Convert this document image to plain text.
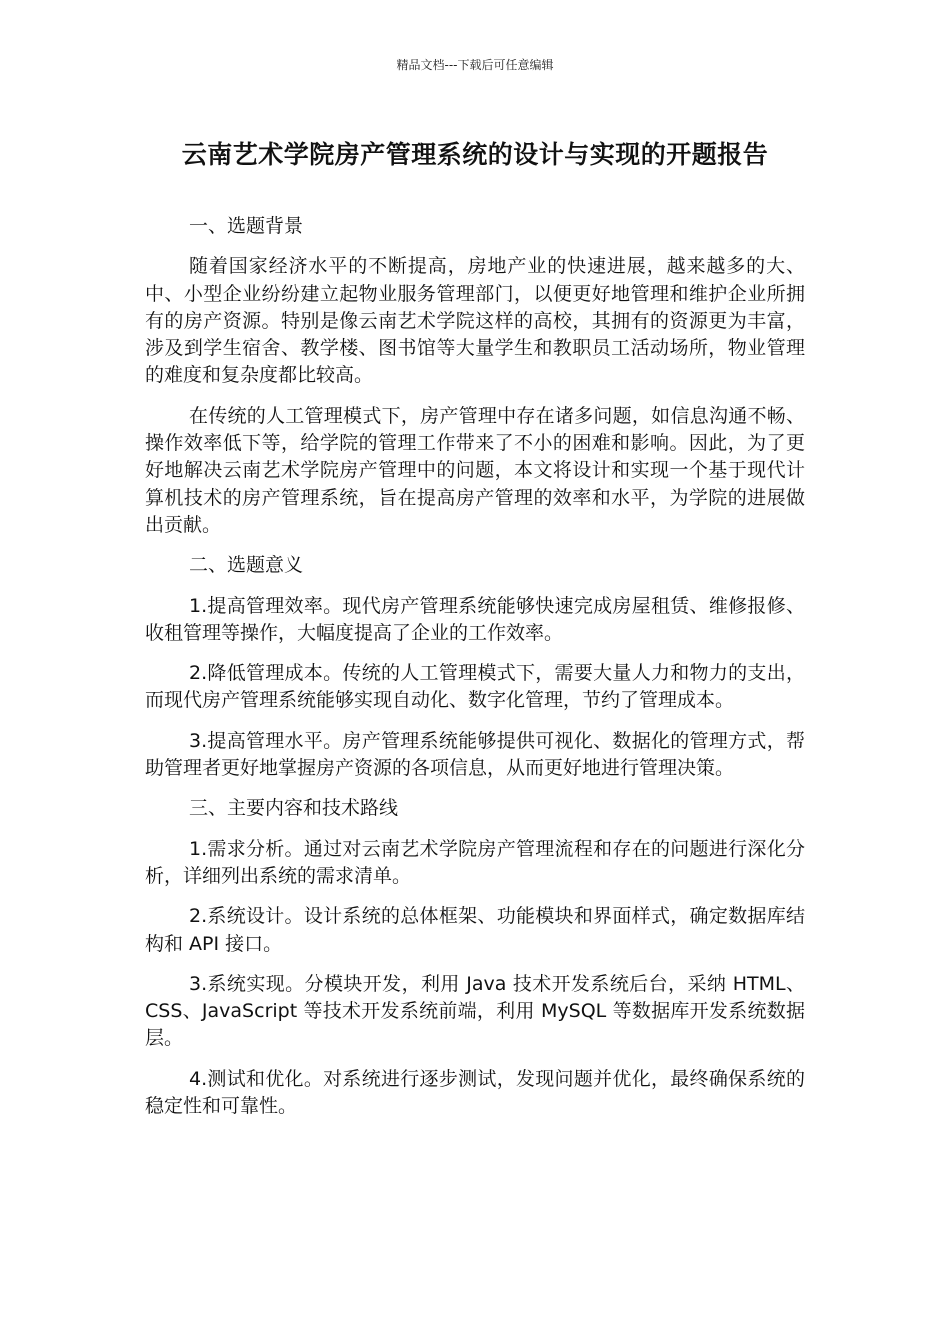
精品文档---下载后可任意编辑
云南艺术学院房产管理系统的设计与实现的开题报告

一、选题背景

随着国家经济水平的不断提高，房地产业的快速进展，越来越多的大、中、小型企业纷纷建立起物业服务管理部门，以便更好地管理和维护企业所拥有的房产资源。特别是像云南艺术学院这样的高校，其拥有的资源更为丰富，涉及到学生宿舍、教学楼、图书馆等大量学生和教职员工活动场所，物业管理的难度和复杂度都比较高。

在传统的人工管理模式下，房产管理中存在诸多问题，如信息沟通不畅、操作效率低下等，给学院的管理工作带来了不小的困难和影响。因此，为了更好地解决云南艺术学院房产管理中的问题，本文将设计和实现一个基于现代计算机技术的房产管理系统，旨在提高房产管理的效率和水平，为学院的进展做出贡献。

二、选题意义

1.提高管理效率。现代房产管理系统能够快速完成房屋租赁、维修报修、收租管理等操作，大幅度提高了企业的工作效率。

2.降低管理成本。传统的人工管理模式下，需要大量人力和物力的支出，而现代房产管理系统能够实现自动化、数字化管理，节约了管理成本。

3.提高管理水平。房产管理系统能够提供可视化、数据化的管理方式，帮助管理者更好地掌握房产资源的各项信息，从而更好地进行管理决策。

三、主要内容和技术路线

1.需求分析。通过对云南艺术学院房产管理流程和存在的问题进行深化分析，详细列出系统的需求清单。

2.系统设计。设计系统的总体框架、功能模块和界面样式，确定数据库结构和 API 接口。

3.系统实现。分模块开发，利用 Java 技术开发系统后台，采纳 HTML、CSS、JavaScript 等技术开发系统前端，利用 MySQL 等数据库开发系统数据层。

4.测试和优化。对系统进行逐步测试，发现问题并优化，最终确保系统的稳定性和可靠性。
